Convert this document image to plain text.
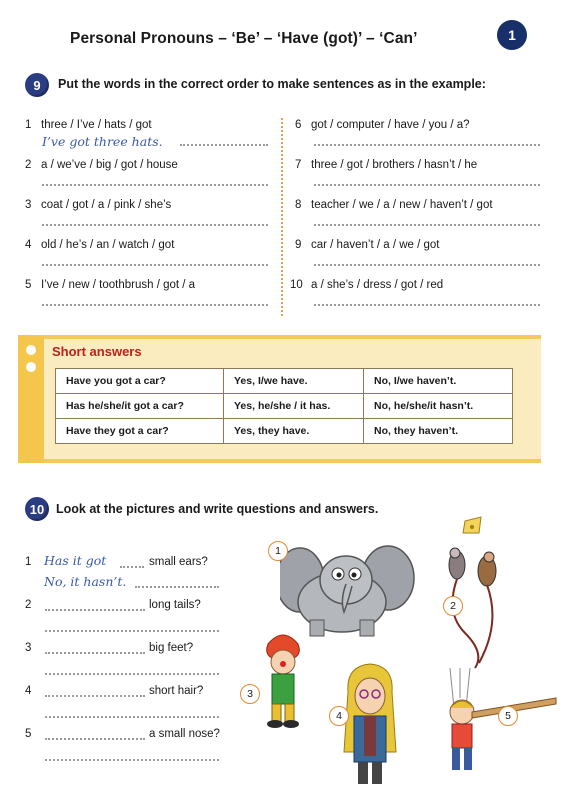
Personal Pronouns – ‘Be’ – ‘Have (got)’ – ‘Can’	1
9	Put the words in the correct order to make sentences as in the example:
1 three / I’ve / hats / got
I’ve got three hats.
2 a / we’ve / big / got / house
3 coat / got / a / pink / she’s
4 old / he’s / an / watch / got
5 I’ve / new / toothbrush / got / a
6 got / computer / have / you / a?
7 three / got / brothers / hasn’t / he
8 teacher / we / a / new / haven’t / got
9 car / haven’t / a / we / got
10 a / she’s / dress / got / red
Short answers
Have you got a car?	Yes, I/we have.	No, I/we haven’t.
Has he/she/it got a car?	Yes, he/she / it has.	No, he/she/it hasn’t.
Have they got a car?	Yes, they have.	No, they haven’t.
10 Look at the pictures and write questions and answers.
1 Has it got	small ears?
No, it hasn’t.
2	long tails?
3	big feet?
4	short hair?
5	a small nose?
1
2
3
4	5
